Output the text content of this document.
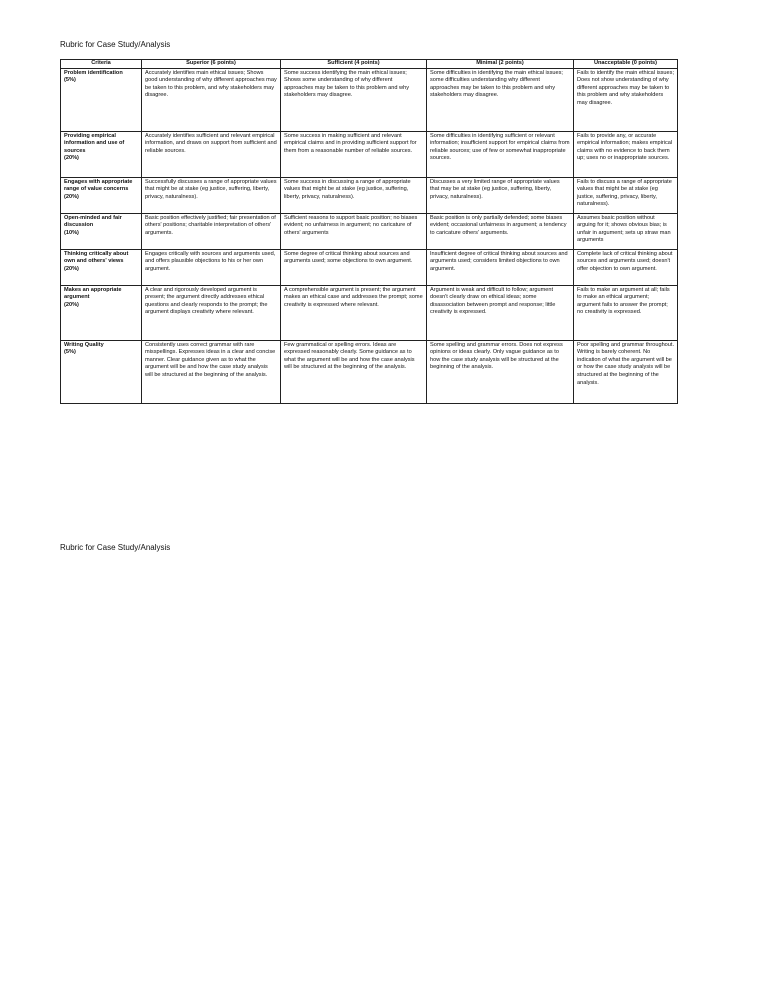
Rubric for Case Study/Analysis
Criteria	Superior (6 points)	Sufficient (4 points)	Minimal (2 points)	Unacceptable (0 points)
Problem identification
(5%)	Accurately identifies main ethical issues; Shows good understanding of why different approaches may be taken to this problem, and why stakeholders may disagree.	Some success identifying the main ethical issues; Shows some understanding of why different approaches may be taken to this problem and why stakeholders may disagree.	Some difficulties in identifying the main ethical issues; some difficulties understanding why different approaches may be taken to this problem and why stakeholders may disagree.	Fails to identify the main ethical issues; Does not show understanding of why different approaches may be taken to this problem and why stakeholders may disagree.
Providing empirical information and use of sources
(20%)	Accurately identifies sufficient and relevant empirical information, and draws on support from sufficient and reliable sources.	Some success in making sufficient and relevant empirical claims and in providing sufficient support for them from a reasonable number of reliable sources.	Some difficulties in identifying sufficient or relevant information; insufficient support for empirical claims from reliable sources; use of few or somewhat inappropriate sources.	Fails to provide any, or accurate empirical information; makes empirical claims with no evidence to back them up; uses no or inappropriate sources.
Engages with appropriate range of value concerns
(20%)	Successfully discusses a range of appropriate values that might be at stake (eg justice, suffering, liberty, privacy, naturalness).	Some success in discussing a range of appropriate values that might be at stake (eg justice, suffering, liberty, privacy, naturalness).	Discusses a very limited range of appropriate values that may be at stake (eg justice, suffering, liberty, privacy, naturalness).	Fails to discuss a range of appropriate values that might be at stake (eg justice, suffering, privacy, liberty, naturalness).
Open-minded and fair discussion
(10%)	Basic position effectively justified; fair presentation of others' positions; charitable interpretation of others' arguments.	Sufficient reasons to support basic position; no biases evident; no unfairness in argument; no caricature of others' arguments	Basic position is only partially defended; some biases evident; occasional unfairness in argument; a tendency to caricature others' arguments.	Assumes basic position without arguing for it; shows obvious bias; is unfair in argument; sets up straw man arguments
Thinking critically about own and others' views
(20%)	Engages critically with sources and arguments used, and offers plausible objections to his or her own argument.	Some degree of critical thinking about sources and arguments used; some objections to own argument.	Insufficient degree of critical thinking about sources and arguments used; considers limited objections to own argument.	Complete lack of critical thinking about sources and arguments used; doesn't offer objection to own argument.
Makes an appropriate argument
(20%)	A clear and rigorously developed argument is present; the argument directly addresses ethical questions and clearly responds to the prompt; the argument displays creativity where relevant.	A comprehensible argument is present; the argument makes an ethical case and addresses the prompt; some creativity is expressed where relevant.	Argument is weak and difficult to follow; argument doesn't clearly draw on ethical ideas; some disassociation between prompt and response; little creativity is expressed.	Fails to make an argument at all; fails to make an ethical argument; argument fails to answer the prompt; no creativity is expressed.
Writing Quality
(5%)	Consistently uses correct grammar with rare misspellings. Expresses ideas in a clear and concise manner. Clear guidance given as to what the argument will be and how the case study analysis will be structured at the beginning of the analysis.	Few grammatical or spelling errors. Ideas are expressed reasonably clearly. Some guidance as to what the argument will be and how the case analysis will be structured at the beginning of the analysis.	Some spelling and grammar errors. Does not express opinions or ideas clearly. Only vague guidance as to how the case study analysis will be structured at the beginning of the analysis.	Poor spelling and grammar throughout. Writing is barely coherent. No indication of what the argument will be or how the case study analysis will be structured at the beginning of the analysis.
Rubric for Case Study/Analysis
